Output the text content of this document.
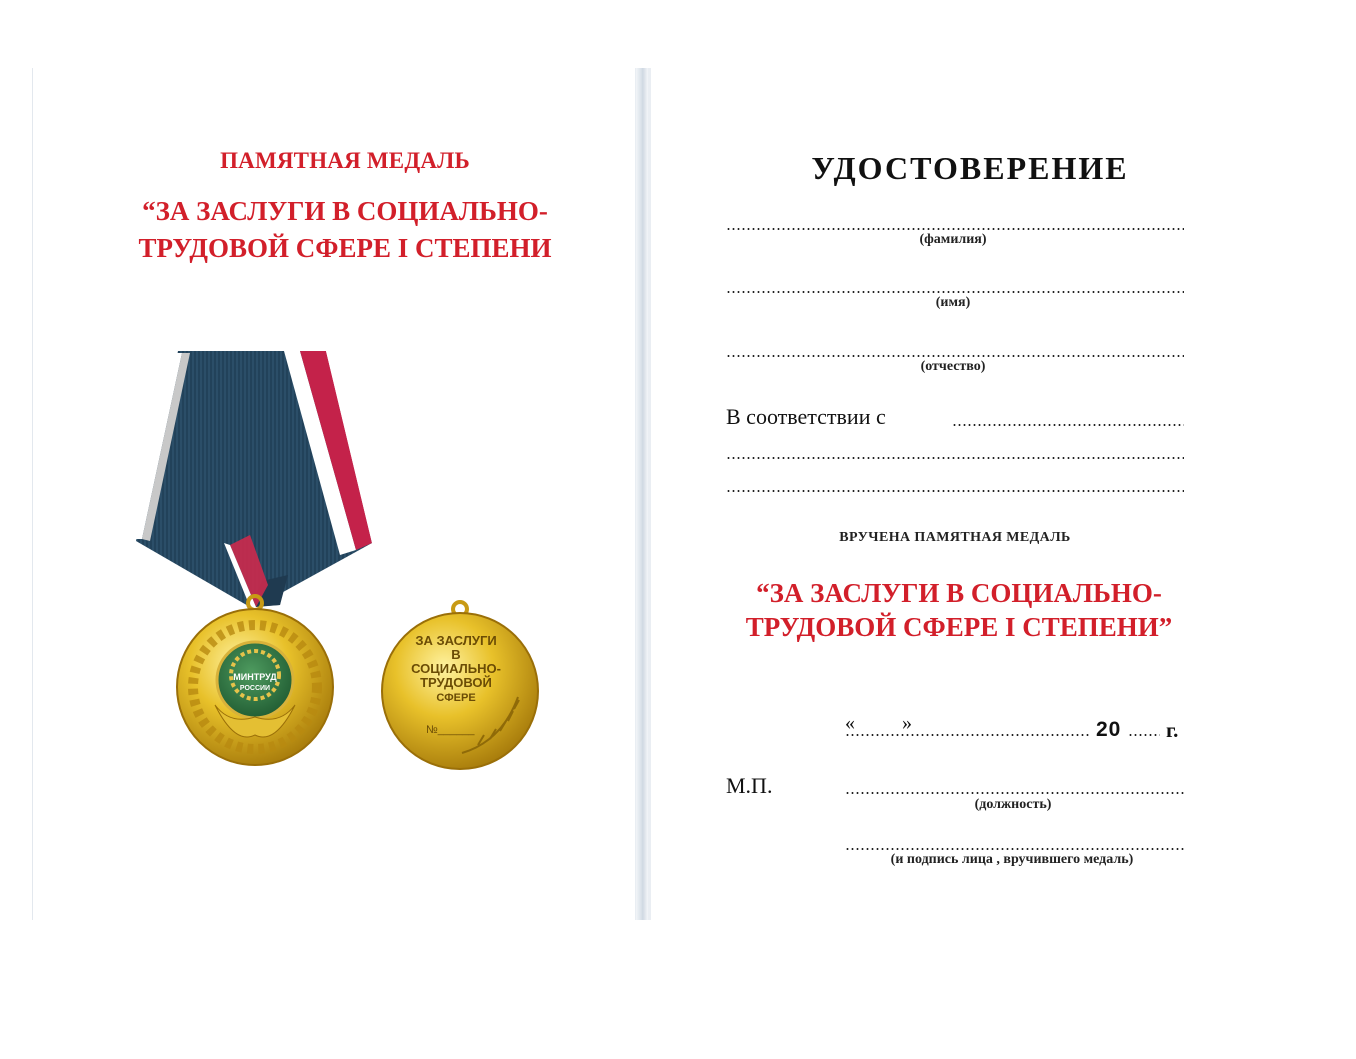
ПАМЯТНАЯ МЕДАЛЬ
“ЗА ЗАСЛУГИ В СОЦИАЛЬНО-
ТРУДОВОЙ СФЕРЕ I СТЕПЕНИ
МИНТРУД
РОССИИ
ЗА ЗАСЛУГИ
В
СОЦИАЛЬНО-
ТРУДОВОЙ
СФЕРЕ
№______
УДОСТОВЕРЕНИЕ
(фамилия)
(имя)
(отчество)
В соответствии с
ВРУЧЕНА ПАМЯТНАЯ МЕДАЛЬ
“ЗА ЗАСЛУГИ В СОЦИАЛЬНО-
ТРУДОВОЙ СФЕРЕ I СТЕПЕНИ”
« »	20 г.
М.П.
(должность)
(и подпись лица , вручившего медаль)
